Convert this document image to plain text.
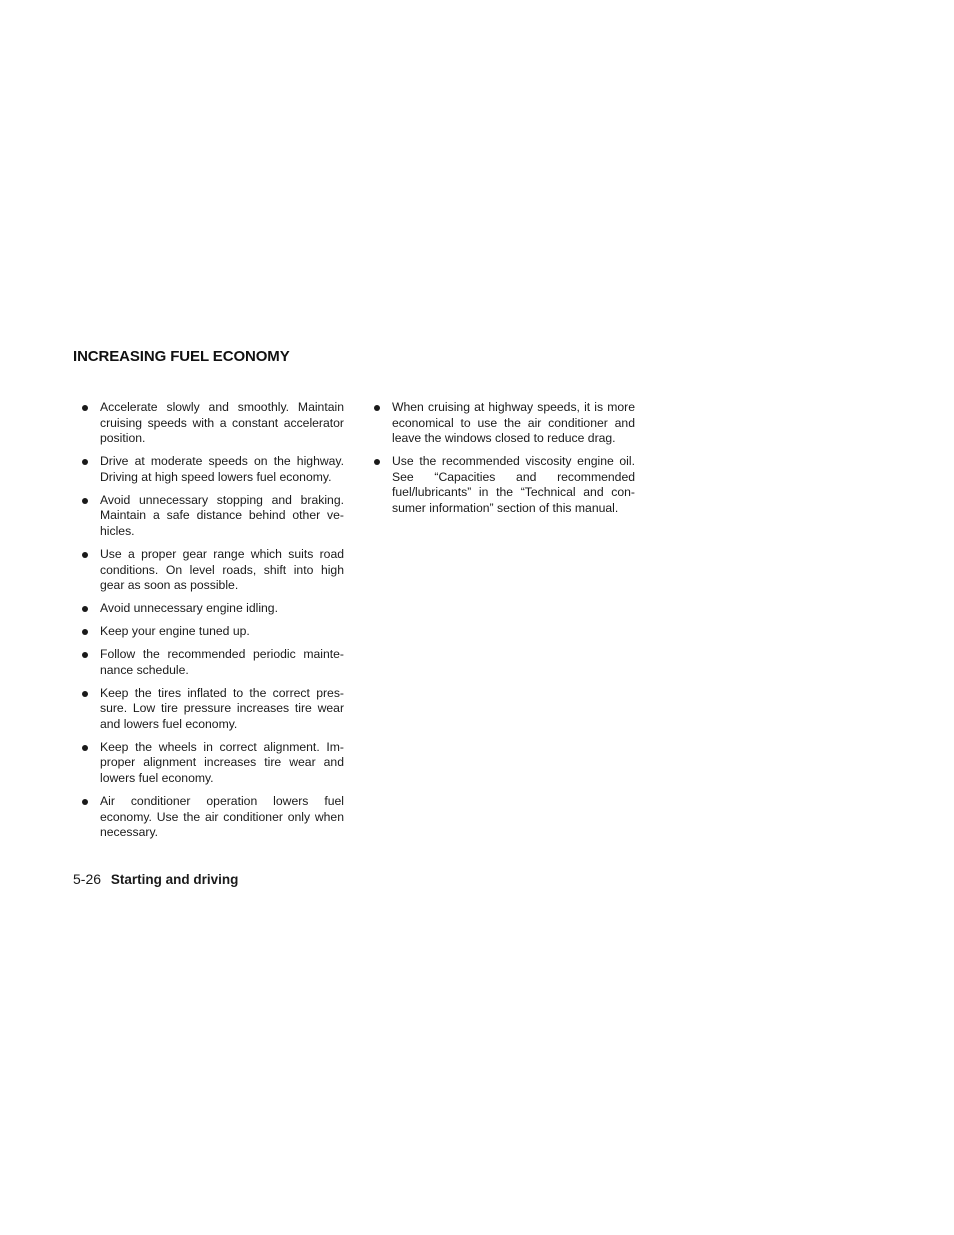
INCREASING FUEL ECONOMY
Accelerate slowly and smoothly. Maintain cruising speeds with a constant accelerator position.
Drive at moderate speeds on the highway. Driving at high speed lowers fuel economy.
Avoid unnecessary stopping and braking. Maintain a safe distance behind other ve-hicles.
Use a proper gear range which suits road conditions. On level roads, shift into high gear as soon as possible.
Avoid unnecessary engine idling.
Keep your engine tuned up.
Follow the recommended periodic mainte-nance schedule.
Keep the tires inflated to the correct pres-sure. Low tire pressure increases tire wear and lowers fuel economy.
Keep the wheels in correct alignment. Im-proper alignment increases tire wear and lowers fuel economy.
Air conditioner operation lowers fuel economy. Use the air conditioner only when necessary.
When cruising at highway speeds, it is more economical to use the air conditioner and leave the windows closed to reduce drag.
Use the recommended viscosity engine oil. See “Capacities and recommended fuel/lubricants” in the “Technical and con-sumer information” section of this manual.
5-26 Starting and driving
